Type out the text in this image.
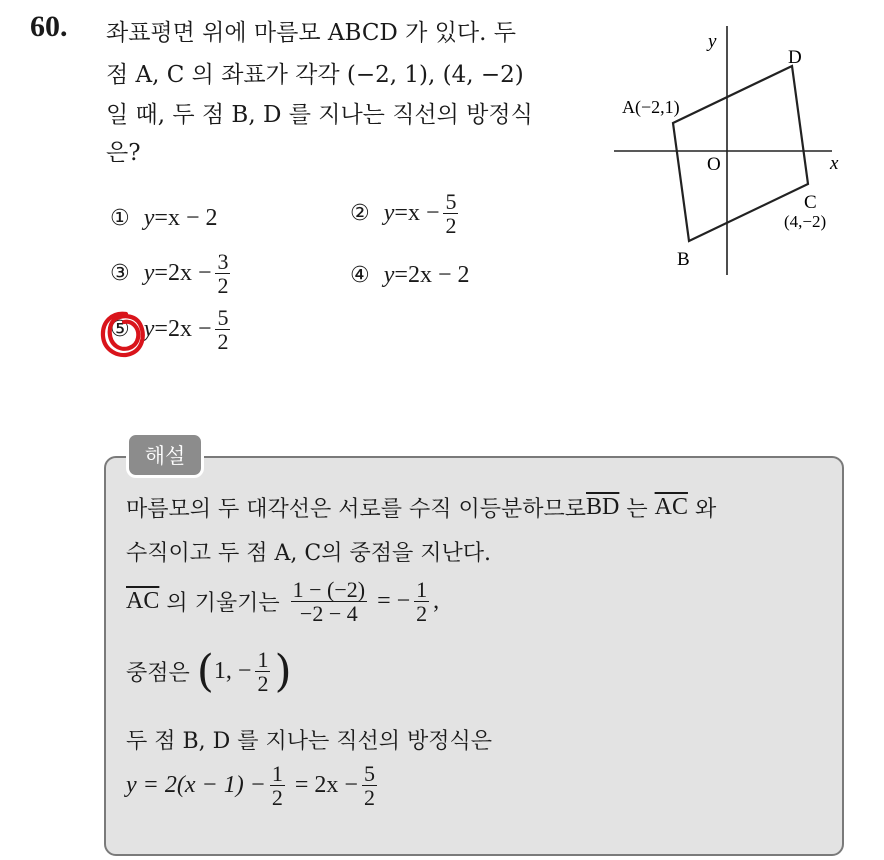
60. 좌표평면 위에 마름모 ABCD 가 있다. 두
점 A, C 의 좌표가 각각 (−2, 1), (4, −2)
일 때, 두 점 B, D 를 지나는 직선의 방정식
은?
① y = x − 2	② $y = x - \frac{5}{2}$
③ $y = 2x - \frac{3}{2}$	④ y = 2x − 2
⑤ $y = 2x - \frac{5}{2}$
y
x
O
A(−2,1)
D
C
(4,−2)
B
해설
마름모의 두 대각선은 서로를 수직 이등분하므로 $\overline{BD}$ 는 $\overline{AC}$ 와
수직이고 두 점 A, C의 중점을 지난다.
$\overline{AC}$ 의 기울기는 $\frac{1 - (-2)}{-2 - 4}$ = − $\frac{1}{2}$ ,
중점은 ( 1, − $\frac{1}{2}$ )
두 점 B, D 를 지나는 직선의 방정식은
$y = 2(x - 1) - \frac{1}{2} = 2x - \frac{5}{2}$
